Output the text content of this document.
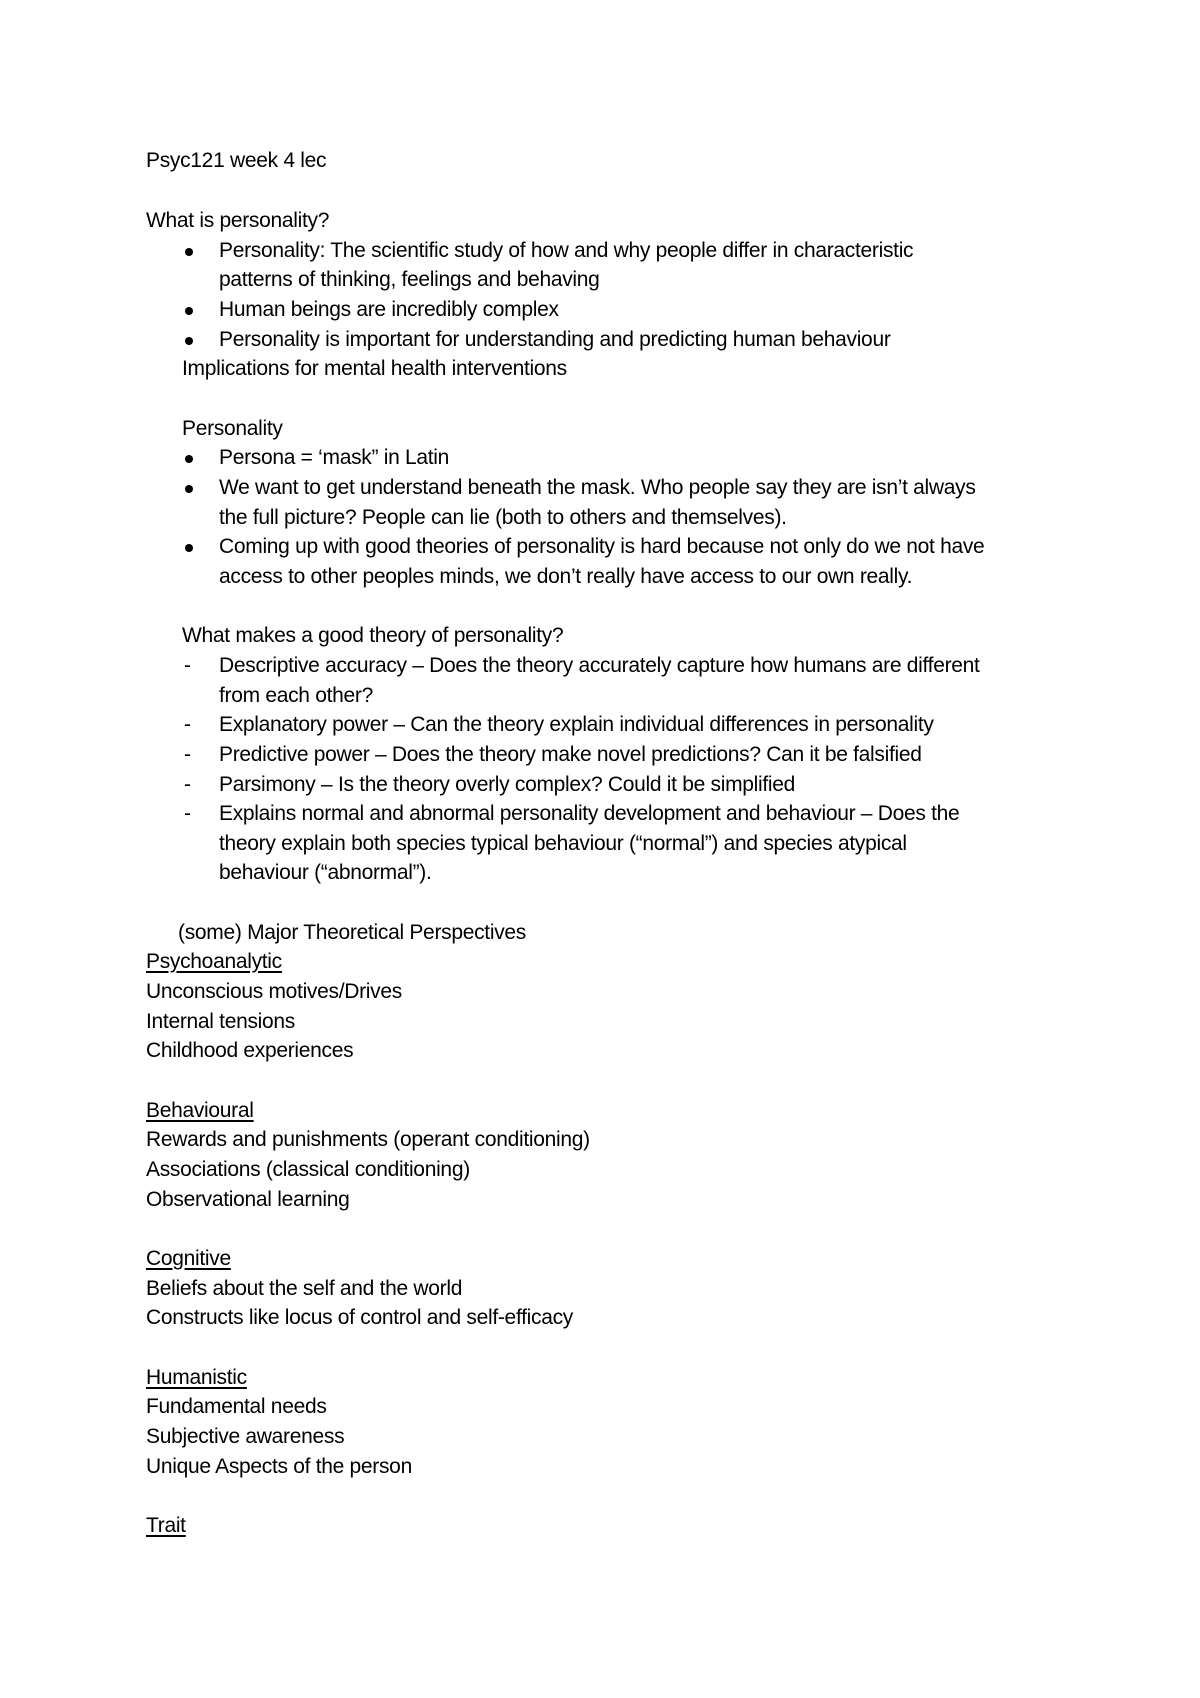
Psyc121 week 4 lec
What is personality?
Personality: The scientific study of how and why people differ in characteristic
patterns of thinking, feelings and behaving
Human beings are incredibly complex
Personality is important for understanding and predicting human behaviour
Implications for mental health interventions
Personality
Persona = ‘mask” in Latin
We want to get understand beneath the mask. Who people say they are isn’t always
the full picture? People can lie (both to others and themselves).
Coming up with good theories of personality is hard because not only do we not have
access to other peoples minds, we don’t really have access to our own really.
What makes a good theory of personality?
- Descriptive accuracy – Does the theory accurately capture how humans are different
from each other?
- Explanatory power – Can the theory explain individual differences in personality
- Predictive power – Does the theory make novel predictions? Can it be falsified
- Parsimony – Is the theory overly complex? Could it be simplified
- Explains normal and abnormal personality development and behaviour – Does the
theory explain both species typical behaviour (“normal”) and species atypical
behaviour (“abnormal”).
(some) Major Theoretical Perspectives
Psychoanalytic
Unconscious motives/Drives
Internal tensions
Childhood experiences
Behavioural
Rewards and punishments (operant conditioning)
Associations (classical conditioning)
Observational learning
Cognitive
Beliefs about the self and the world
Constructs like locus of control and self-efficacy
Humanistic
Fundamental needs
Subjective awareness
Unique Aspects of the person
Trait
